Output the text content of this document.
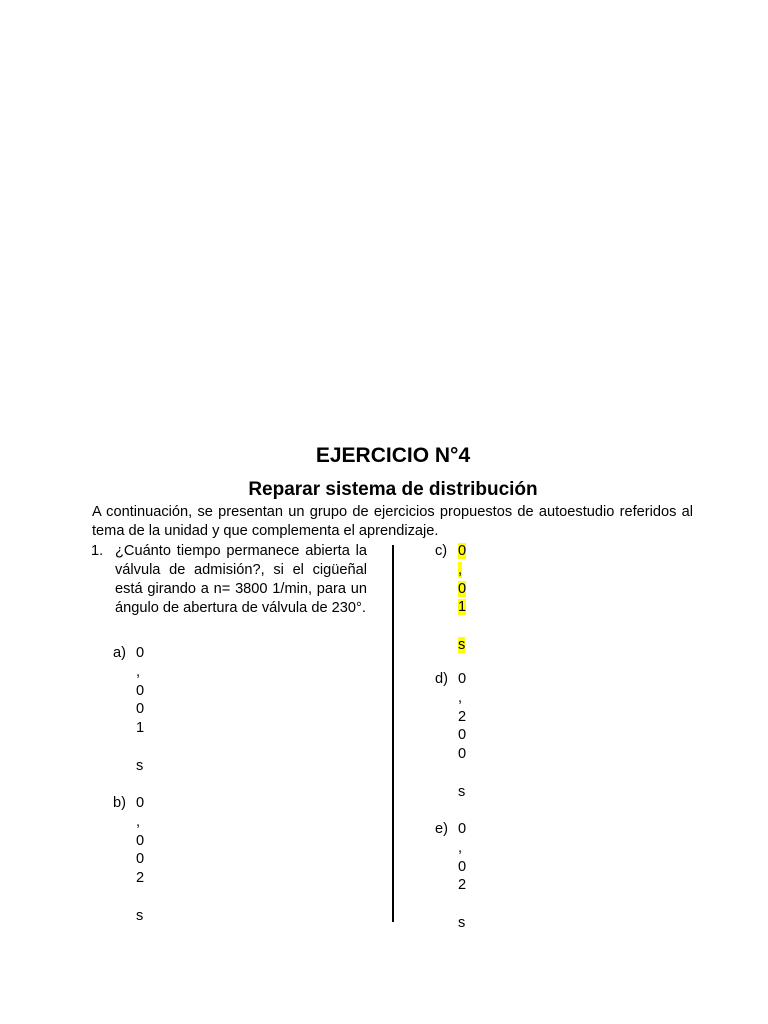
EJERCICIO N°4
Reparar sistema de distribución
A continuación, se presentan un grupo de ejercicios propuestos de autoestudio referidos al tema de la unidad y que complementa el aprendizaje.
1. ¿Cuánto tiempo permanece abierta la válvula de admisión?, si el cigüeñal está girando a n= 3800 1/min, para un ángulo de abertura de válvula de 230°.
a) 0
,
0
0
1
s
b) 0
,
0
0
2
s
c) 0
,
0
1
s
d) 0
,
2
0
0
s
e) 0
,
0
2
s
